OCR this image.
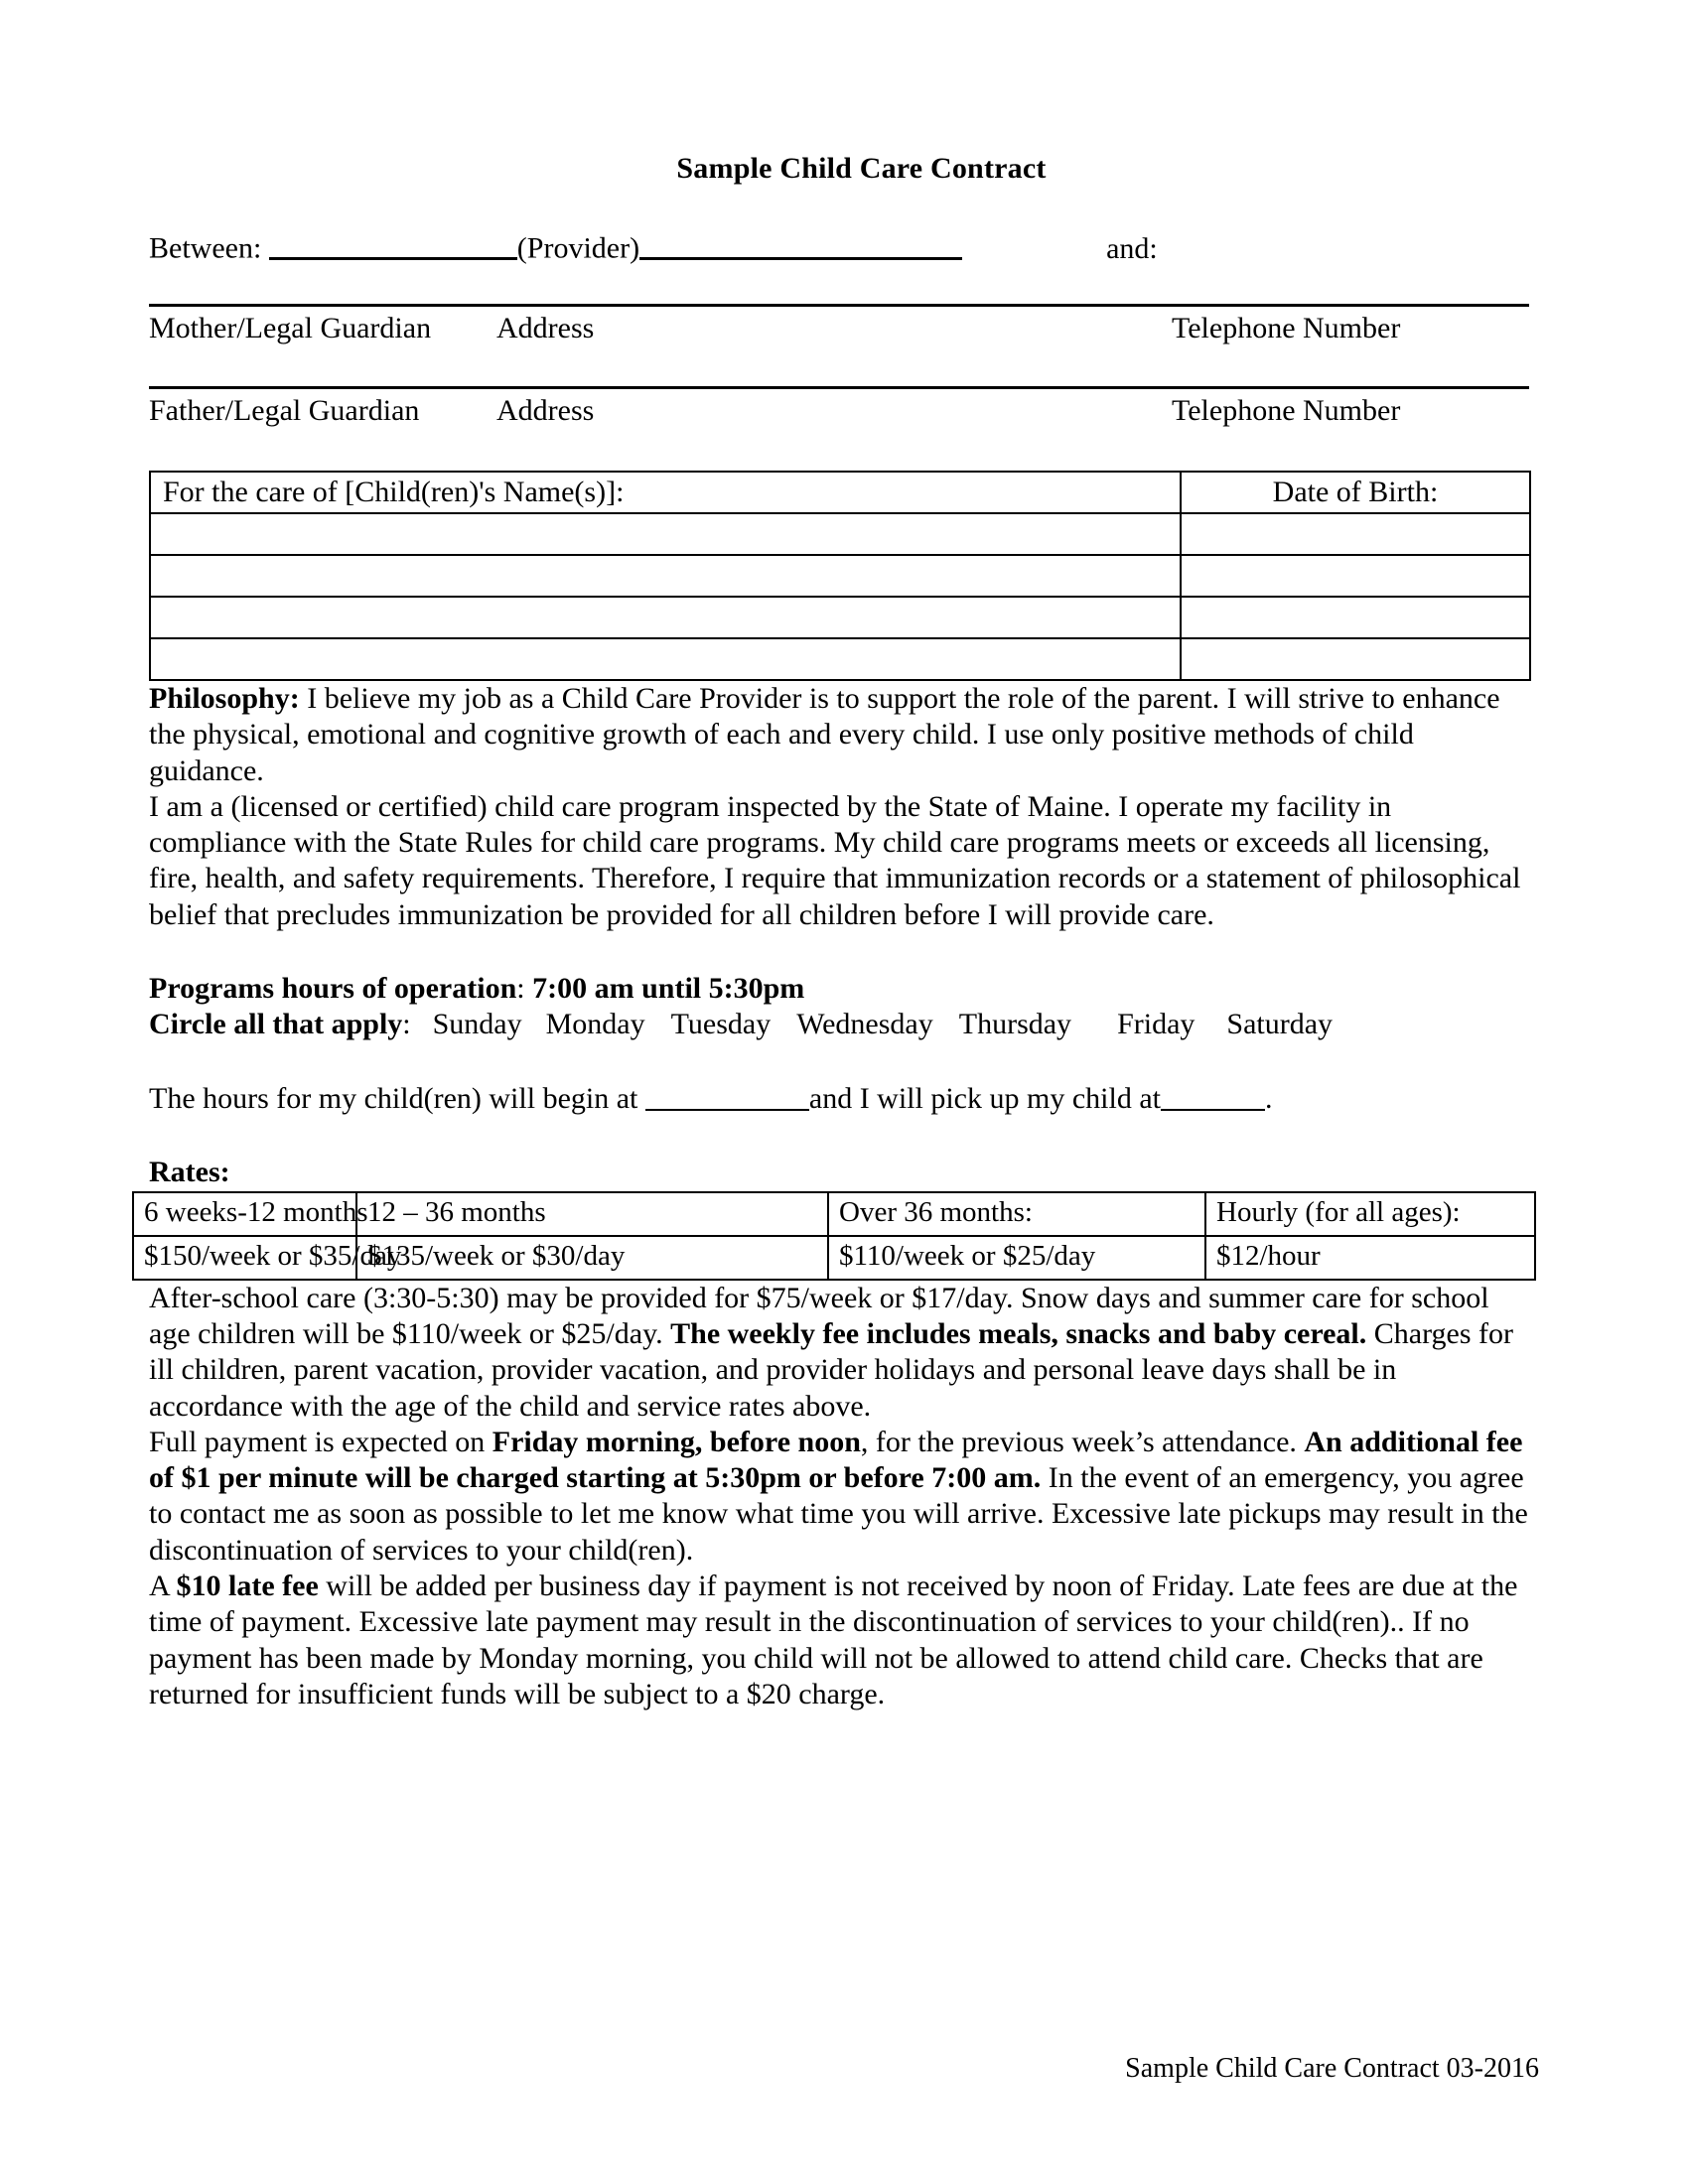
Sample Child Care Contract
Between:	(Provider)	and:
Mother/Legal Guardian Address	Telephone Number
Father/Legal Guardian	Address	Telephone Number
For the care of [Child(ren)'s Name(s)]:	Date of Birth:

Philosophy: I believe my job as a Child Care Provider is to support the role of the parent. I will strive to enhance the physical, emotional and cognitive growth of each and every child. I use only positive methods of child guidance.

I am a (licensed or certified) child care program inspected by the State of Maine. I operate my facility in compliance with the State Rules for child care programs. My child care programs meets or exceeds all licensing, fire, health, and safety requirements. Therefore, I require that immunization records or a statement of philosophical belief that precludes immunization be provided for all children before I will provide care.

Programs hours of operation: 7:00 am until 5:30pm
Circle all that apply: Sunday Monday Tuesday Wednesday Thursday Friday Saturday
The hours for my child(ren) will begin at	and I will pick up my child at	.
Rates:
6 weeks-12 months	12 – 36 months	Over 36 months:	Hourly (for all ages):
$150/week or $35/day	$135/week or $30/day	$110/week or $25/day	$12/hour

After-school care (3:30-5:30) may be provided for $75/week or $17/day. Snow days and summer care for school age children will be $110/week or $25/day. The weekly fee includes meals, snacks and baby cereal. Charges for ill children, parent vacation, provider vacation, and provider holidays and personal leave days shall be in accordance with the age of the child and service rates above.

Full payment is expected on Friday morning, before noon, for the previous week’s attendance. An additional fee of $1 per minute will be charged starting at 5:30pm or before 7:00 am. In the event of an emergency, you agree to contact me as soon as possible to let me know what time you will arrive. Excessive late pickups may result in the discontinuation of services to your child(ren).

A $10 late fee will be added per business day if payment is not received by noon of Friday. Late fees are due at the time of payment. Excessive late payment may result in the discontinuation of services to your child(ren).. If no payment has been made by Monday morning, you child will not be allowed to attend child care. Checks that are returned for insufficient funds will be subject to a $20 charge.

Sample Child Care Contract 03-2016
